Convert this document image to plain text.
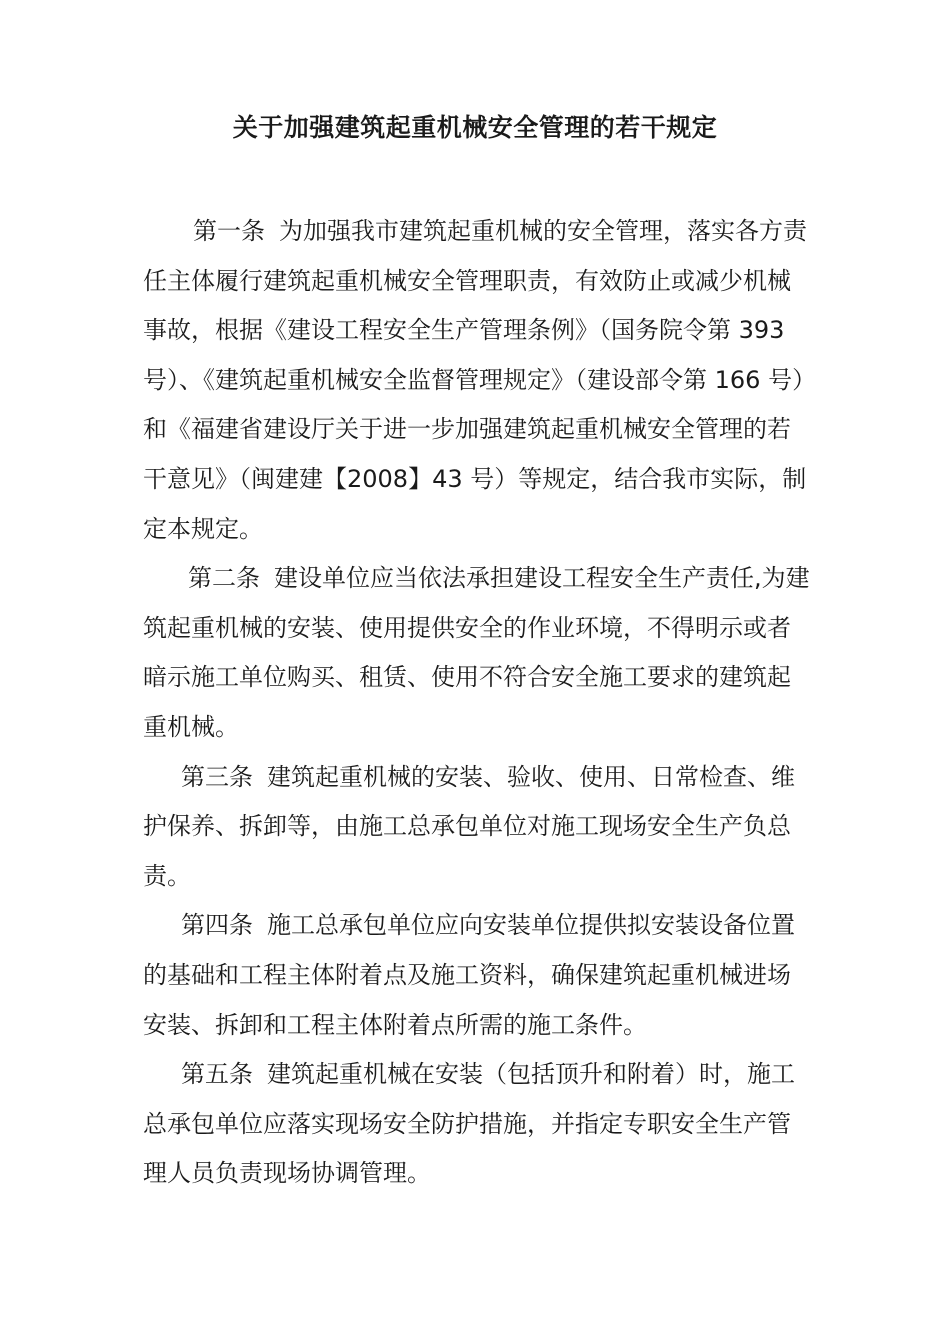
关于加强建筑起重机械安全管理的若干规定

第一条 为加强我市建筑起重机械的安全管理，落实各方责任主体履行建筑起重机械安全管理职责，有效防止或减少机械事故，根据《建设工程安全生产管理条例》（国务院令第 393 号）、《建筑起重机械安全监督管理规定》（建设部令第 166 号）和《福建省建设厅关于进一步加强建筑起重机械安全管理的若干意见》（闽建建【2008】43 号）等规定，结合我市实际，制定本规定。

第二条 建设单位应当依法承担建设工程安全生产责任,为建筑起重机械的安装、使用提供安全的作业环境，不得明示或者暗示施工单位购买、租赁、使用不符合安全施工要求的建筑起重机械。

第三条 建筑起重机械的安装、验收、使用、日常检查、维护保养、拆卸等，由施工总承包单位对施工现场安全生产负总责。

第四条 施工总承包单位应向安装单位提供拟安装设备位置的基础和工程主体附着点及施工资料，确保建筑起重机械进场安装、拆卸和工程主体附着点所需的施工条件。

第五条 建筑起重机械在安装（包括顶升和附着）时，施工总承包单位应落实现场安全防护措施，并指定专职安全生产管理人员负责现场协调管理。
